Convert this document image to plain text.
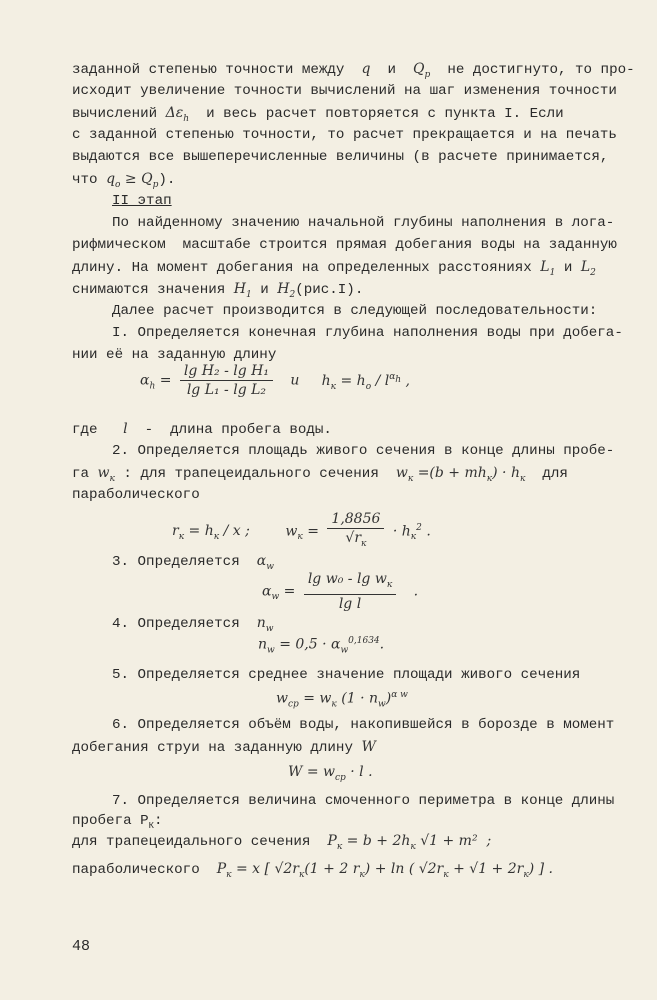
заданной степенью точности между q и $Q_p$ не достигнуто, то про-

исходит увеличение точности вычислений на шаг изменения точности

вычислений $\Delta\varepsilon_h$ и весь расчет повторяется с пункта I. Если

с заданной степенью точности, то расчет прекращается и на печать

выдаются все вышеперечисленные величины (в расчете принимается,

что $q_o \ge Q_p$).

II этап

По найденному значению начальной глубины наполнения в лога-

рифмическом  масштабе строится прямая добегания воды на заданную

длину. На момент добегания на определенных расстояниях $L_1$ и $L_2$

снимаются значения $H_1$ и $H_2(рис.I)$.

Далее расчет производится в следующей последовательности:

I. Определяется конечная глубина наполнения воды при добега-

нии её на заданную длину

$\alpha_h = \frac{\text{lg H₂ - lg H₁}}{\text{lg L₁ - lg L₂}}$ и $h_к = h_o / l^{\alpha_h}$ ,

где l -  длина пробега воды.

2. Определяется площадь живого сечения в конце длины пробе-

га $w_к$ : для трапецеидального сечения $w_к =(b + mh_к) \cdot h_к$ для

параболического

$r_к = h_к / x$ ;	$w_к = \frac{1,8856}{√r_к} \cdot h_к^2$ .

3. Определяется $\alpha_w$

$\alpha_w = \frac{\lg w_0 - \lg w_к}{\text{lg l}}$ .

4. Определяется $n_w$

$n_w = 0,5 \cdot \alpha_w^{0,1634}$.

5. Определяется среднее значение площади живого сечения

$w_{cp} = w_к$ $(1 \cdot n_w)^{\alpha w}$

6. Определяется объём воды, накопившейся в борозде в момент

добегания струи на заданную длину W

$W = w_{cp} \cdot l$ .

7. Определяется величина смоченного периметра в конце длины

пробега $P_К$:

для трапецеидального сечения $P_к = b + 2h_к$ √1 + m²  ;

параболического $P_к = x$ [ $√2r_к(1 + 2$ $r_к) + \ln$ ( $√2r_к + √1 + 2r_к$) ] .

48
